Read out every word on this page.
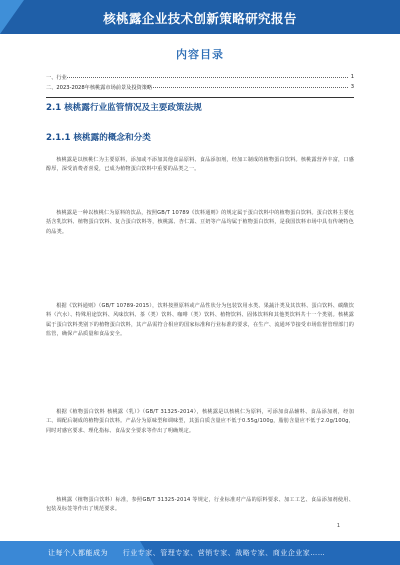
核桃露企业技术创新策略研究报告
内容目录
一、行业	1
二、2023-2028年核桃露市场前景及投资策略	3
2.1 核桃露行业监管情况及主要政策法规
2.1.1 核桃露的概念和分类
核桃露是以核桃仁为主要原料，添加或不添加其他食品原料、食品添加剂，经加工制成的植物蛋白饮料。核桃露营养丰富，口感醇厚，深受消费者喜爱，已成为植物蛋白饮料中重要的品类之一。
核桃露是一种以核桃仁为原料的饮品，按照GB/T 10789《饮料通则》的规定属于蛋白饮料中的植物蛋白饮料。蛋白饮料主要包括含乳饮料、植物蛋白饮料、复合蛋白饮料等，核桃露、杏仁露、豆奶等产品均属于植物蛋白饮料，是我国饮料市场中具有传统特色的品类。
根据《饮料通则》（GB/T 10789-2015），饮料按照原料或产品性状分为包装饮用水类、果蔬汁类及其饮料、蛋白饮料、碳酸饮料（汽水）、特殊用途饮料、风味饮料、茶（类）饮料、咖啡（类）饮料、植物饮料、固体饮料和其他类饮料共十一个类别。核桃露属于蛋白饮料类别下的植物蛋白饮料，其产品需符合相应的国家标准和行业标准的要求，在生产、流通环节接受市场监督管理部门的监管，确保产品质量和食品安全。
根据《植物蛋白饮料 核桃露（乳）》（GB/T 31325-2014），核桃露是以核桃仁为原料，可添加食品辅料、食品添加剂，经加工、调配后制成的植物蛋白饮料。产品分为原味型和调味型，其蛋白质含量应不低于0.55g/100g，脂肪含量应不低于2.0g/100g，同时对感官要求、理化指标、食品安全要求等作出了明确规定。
核桃露（植物蛋白饮料）标准，参照GB/T 31325-2014 等规定，行业标准对产品的原料要求、加工工艺、食品添加剂使用、包装及标签等作出了规范要求。
1
让每个人都能成为 行业专家、管理专家、营销专家、战略专家、商业企业家……
